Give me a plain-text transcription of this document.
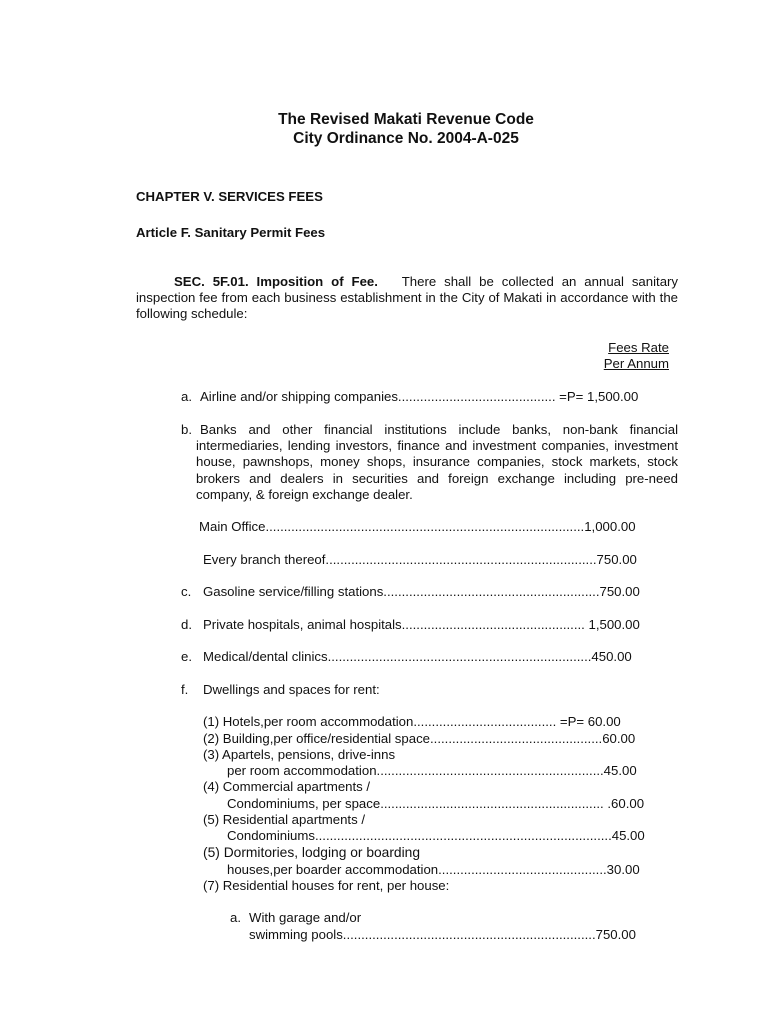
The Revised Makati Revenue Code
City Ordinance No. 2004-A-025
CHAPTER V. SERVICES FEES
Article F. Sanitary Permit Fees
SEC. 5F.01. Imposition of Fee. There shall be collected an annual sanitary inspection fee from each business establishment in the City of Makati in accordance with the following schedule:
Fees Rate
Per Annum
a. Airline and/or shipping companies........................................... =P= 1,500.00
b. Banks and other financial institutions include banks, non-bank financial intermediaries, lending investors, finance and investment companies, investment house, pawnshops, money shops, insurance companies, stock markets, stock brokers and dealers in securities and foreign exchange including pre-need company, & foreign exchange dealer.
Main Office.......................................................................................1,000.00
Every branch thereof..........................................................................750.00
c. Gasoline service/filling stations...........................................................750.00
d. Private hospitals, animal hospitals.................................................. 1,500.00
e. Medical/dental clinics........................................................................450.00
f. Dwellings and spaces for rent:
(1) Hotels,per room accommodation....................................... =P= 60.00
(2) Building,per office/residential space...............................................60.00
(3) Apartels, pensions, drive-inns
per room accommodation..............................................................45.00
(4) Commercial apartments /
Condominiums, per space............................................................. .60.00
(5) Residential apartments /
Condominiums.................................................................................45.00
(5) Dormitories, lodging or boarding
houses,per boarder accommodation..............................................30.00
(7) Residential houses for rent, per house:
a. With garage and/or
swimming pools.....................................................................750.00
